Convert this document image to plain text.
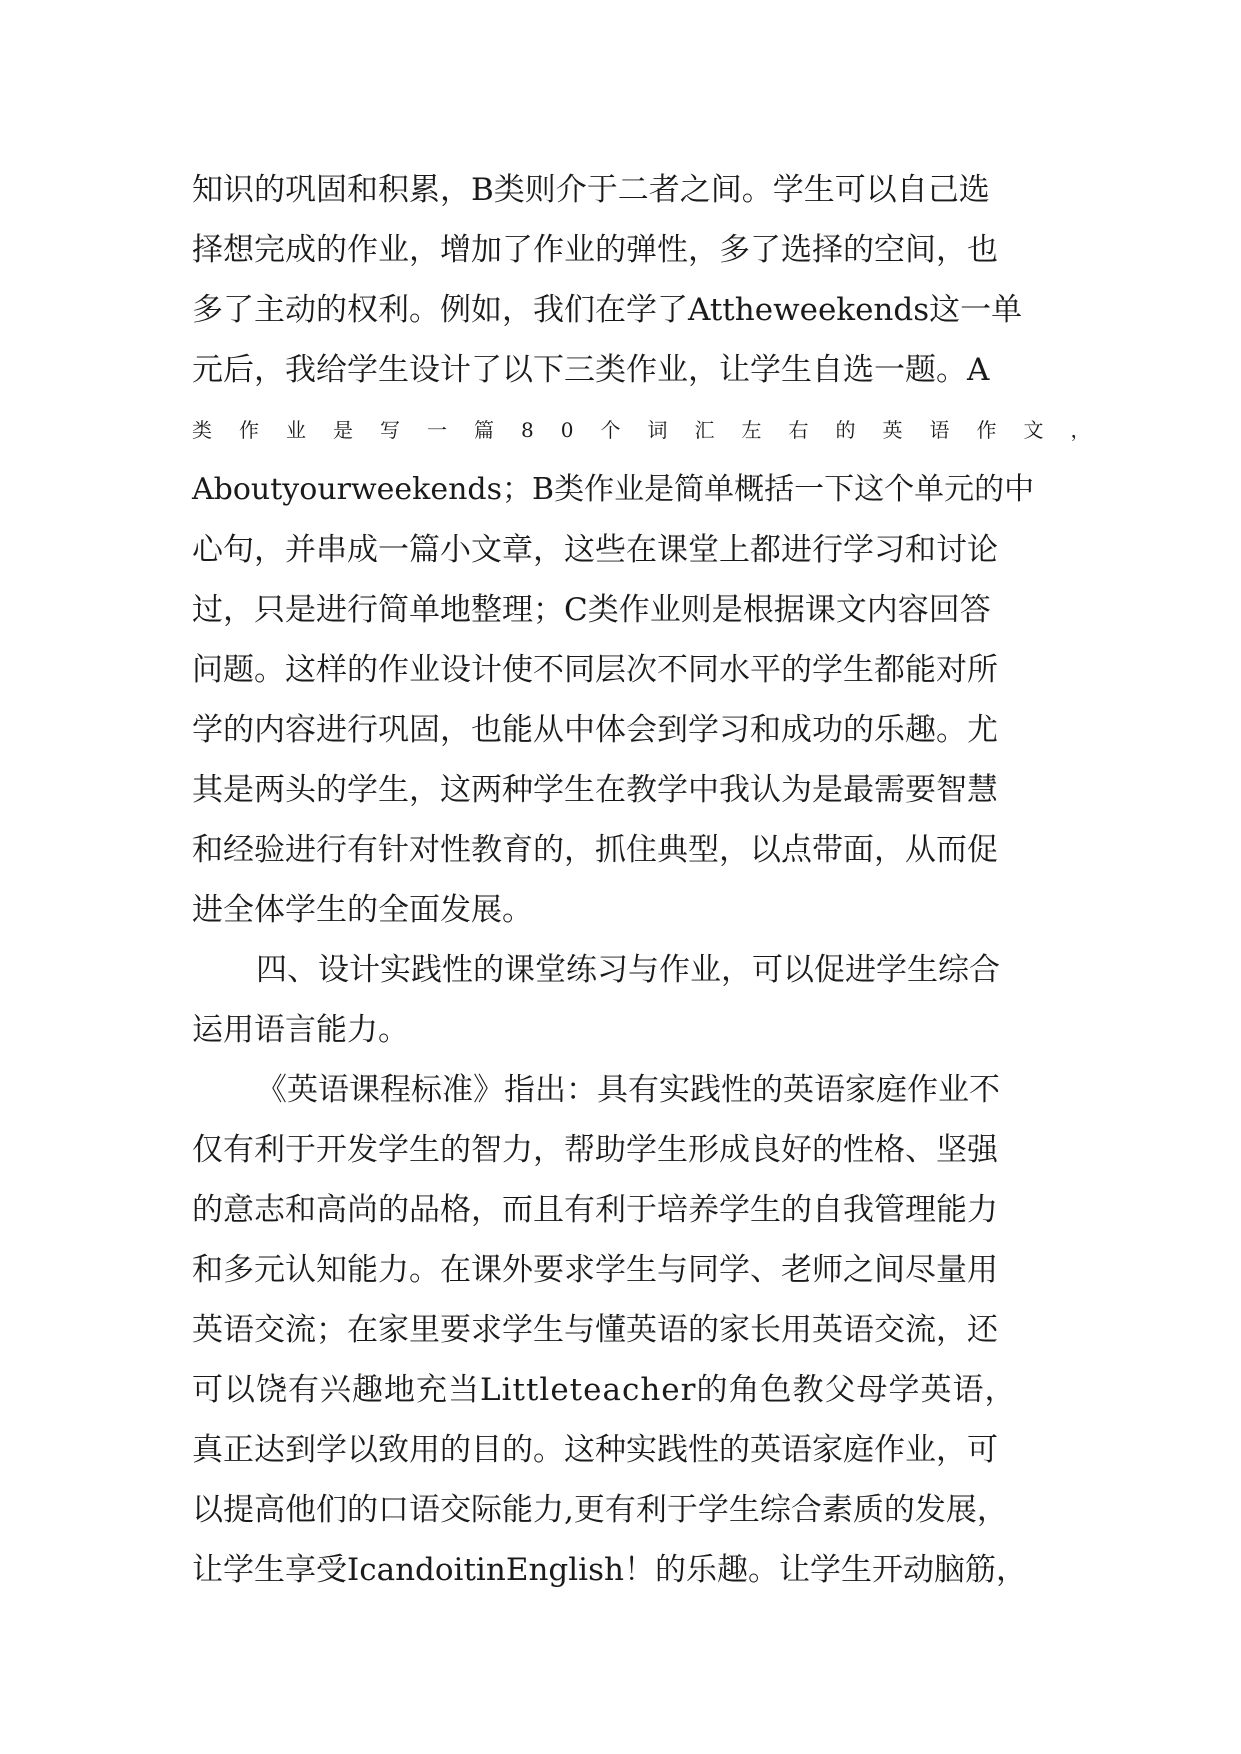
知识的巩固和积累，B类则介于二者之间。学生可以自己选
择想完成的作业，增加了作业的弹性，多了选择的空间，也
多了主动的权利。例如，我们在学了Attheweekends这一单
元后，我给学生设计了以下三类作业，让学生自选一题。A
类作业是写一篇80个词汇左右的英语作文，
Aboutyourweekends；B类作业是简单概括一下这个单元的中
心句，并串成一篇小文章，这些在课堂上都进行学习和讨论
过，只是进行简单地整理；C类作业则是根据课文内容回答
问题。这样的作业设计使不同层次不同水平的学生都能对所
学的内容进行巩固，也能从中体会到学习和成功的乐趣。尤
其是两头的学生，这两种学生在教学中我认为是最需要智慧
和经验进行有针对性教育的，抓住典型，以点带面，从而促
进全体学生的全面发展。
四、设计实践性的课堂练习与作业，可以促进学生综合
运用语言能力。
《英语课程标准》指出：具有实践性的英语家庭作业不
仅有利于开发学生的智力，帮助学生形成良好的性格、坚强
的意志和高尚的品格，而且有利于培养学生的自我管理能力
和多元认知能力。在课外要求学生与同学、老师之间尽量用
英语交流；在家里要求学生与懂英语的家长用英语交流，还
可以饶有兴趣地充当Littleteacher的角色教父母学英语，
真正达到学以致用的目的。这种实践性的英语家庭作业，可
以提高他们的口语交际能力,更有利于学生综合素质的发展，
让学生享受IcandoitinEnglish！的乐趣。让学生开动脑筋，
